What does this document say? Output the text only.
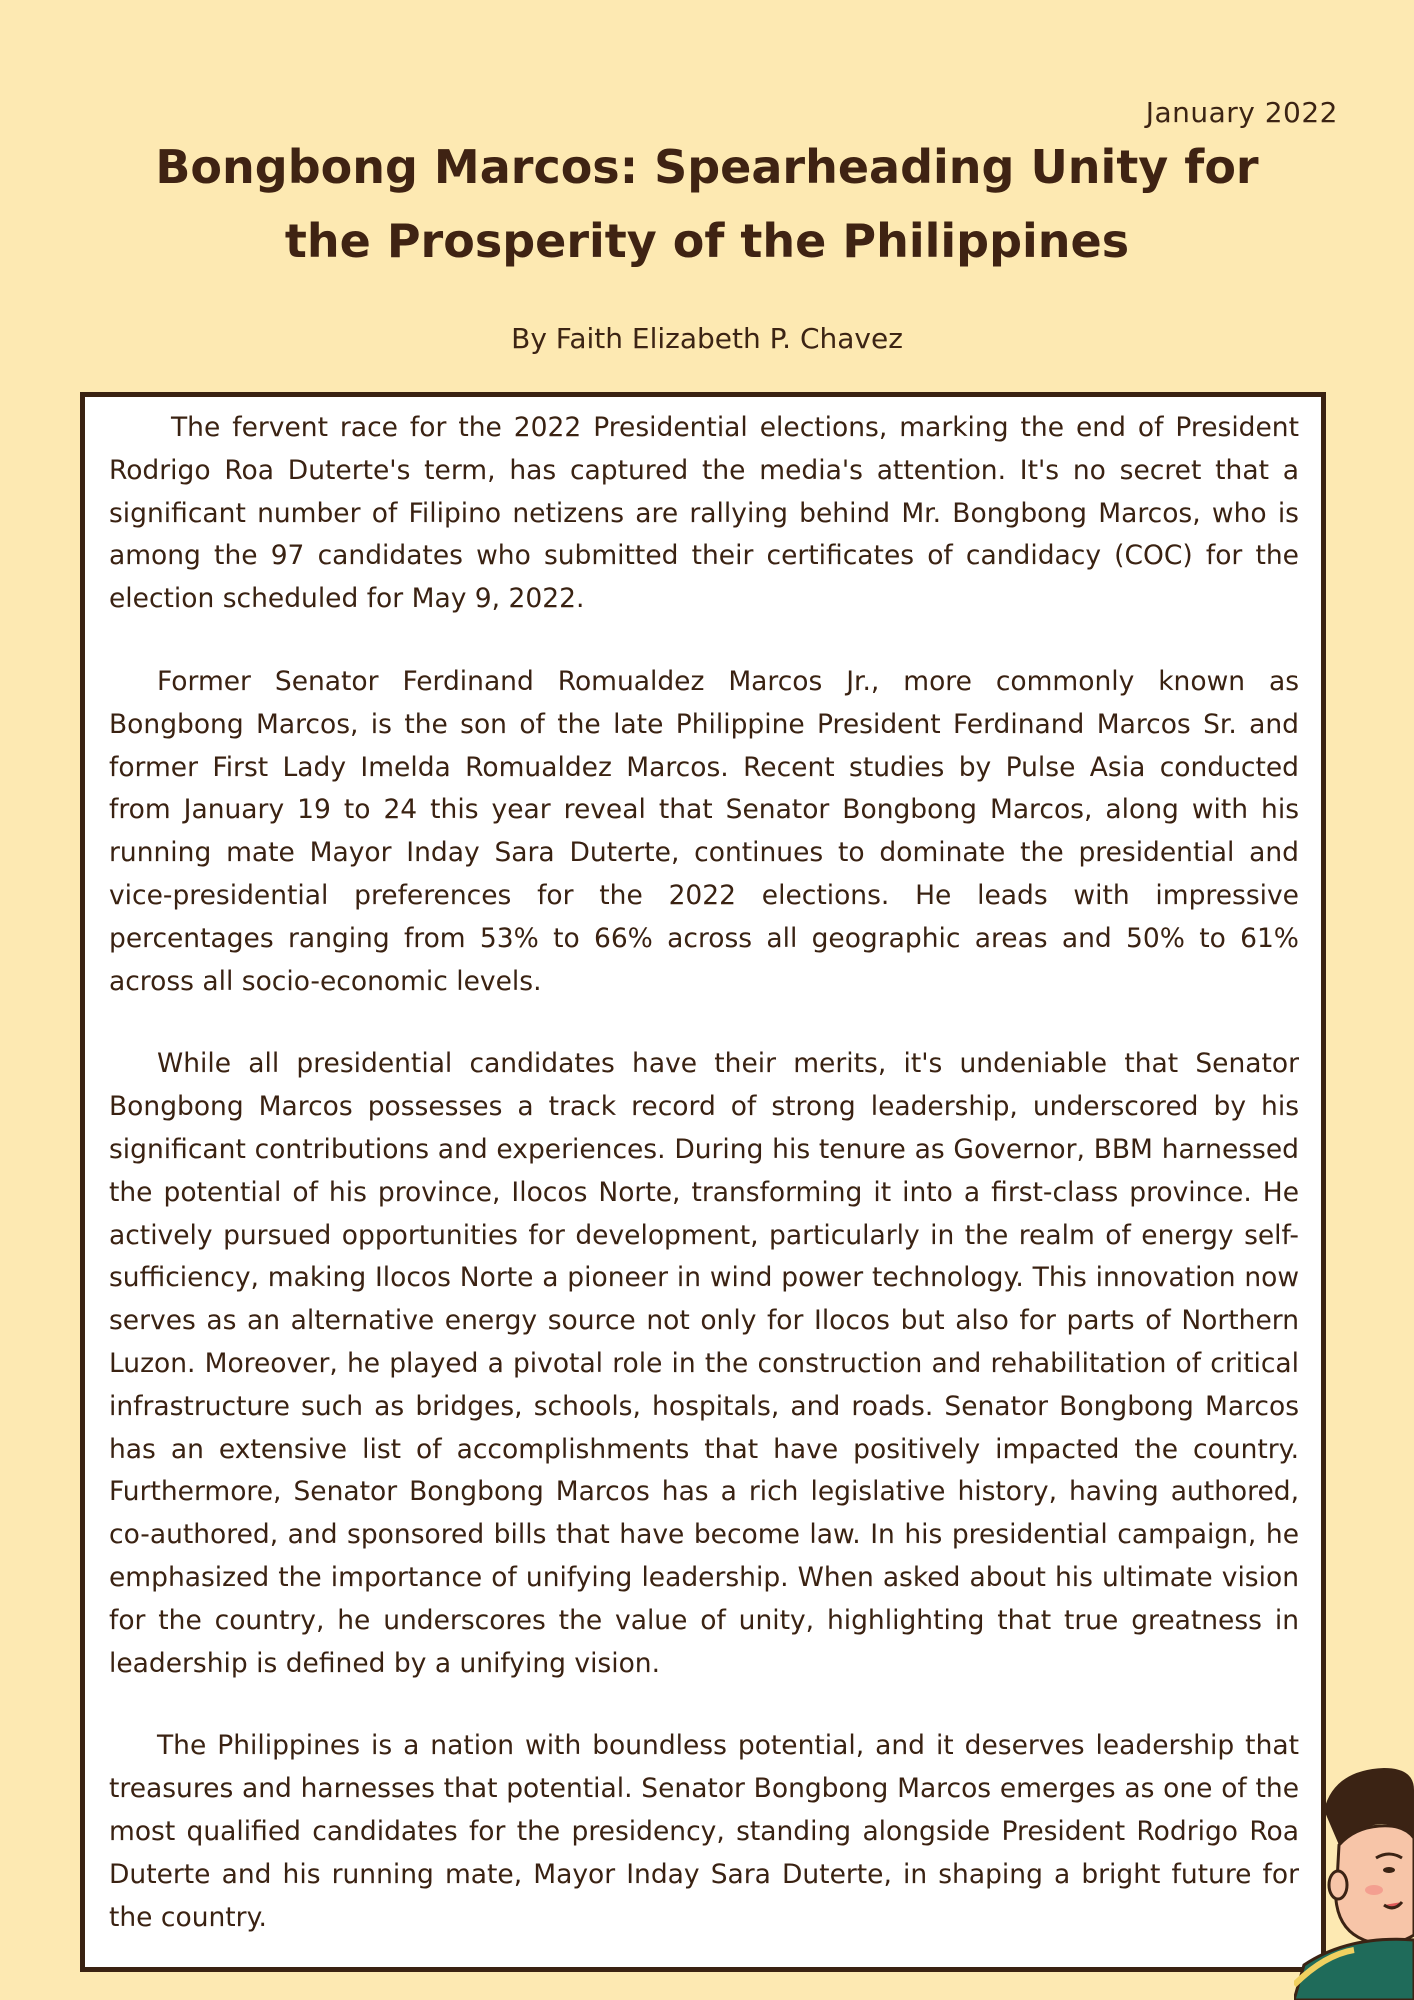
January 2022
Bongbong Marcos: Spearheading Unity for the Prosperity of the Philippines
By Faith Elizabeth P. Chavez

The fervent race for the 2022 Presidential elections, marking the end of President Rodrigo Roa Duterte's term, has captured the media's attention. It's no secret that a significant number of Filipino netizens are rallying behind Mr. Bongbong Marcos, who is among the 97 candidates who submitted their certificates of candidacy (COC) for the election scheduled for May 9, 2022.

Former Senator Ferdinand Romualdez Marcos Jr., more commonly known as Bongbong Marcos, is the son of the late Philippine President Ferdinand Marcos Sr. and former First Lady Imelda Romualdez Marcos. Recent studies by Pulse Asia conducted from January 19 to 24 this year reveal that Senator Bongbong Marcos, along with his running mate Mayor Inday Sara Duterte, continues to dominate the presidential and vice-presidential preferences for the 2022 elections. He leads with impressive percentages ranging from 53% to 66% across all geographic areas and 50% to 61% across all socio-economic levels.

While all presidential candidates have their merits, it's undeniable that Senator Bongbong Marcos possesses a track record of strong leadership, underscored by his significant contributions and experiences. During his tenure as Governor, BBM harnessed the potential of his province, Ilocos Norte, transforming it into a first-class province. He actively pursued opportunities for development, particularly in the realm of energy self-sufficiency, making Ilocos Norte a pioneer in wind power technology. This innovation now serves as an alternative energy source not only for Ilocos but also for parts of Northern Luzon. Moreover, he played a pivotal role in the construction and rehabilitation of critical infrastructure such as bridges, schools, hospitals, and roads. Senator Bongbong Marcos has an extensive list of accomplishments that have positively impacted the country. Furthermore, Senator Bongbong Marcos has a rich legislative history, having authored, co-authored, and sponsored bills that have become law. In his presidential campaign, he emphasized the importance of unifying leadership. When asked about his ultimate vision for the country, he underscores the value of unity, highlighting that true greatness in leadership is defined by a unifying vision.

The Philippines is a nation with boundless potential, and it deserves leadership that treasures and harnesses that potential. Senator Bongbong Marcos emerges as one of the most qualified candidates for the presidency, standing alongside President Rodrigo Roa Duterte and his running mate, Mayor Inday Sara Duterte, in shaping a bright future for the country.
